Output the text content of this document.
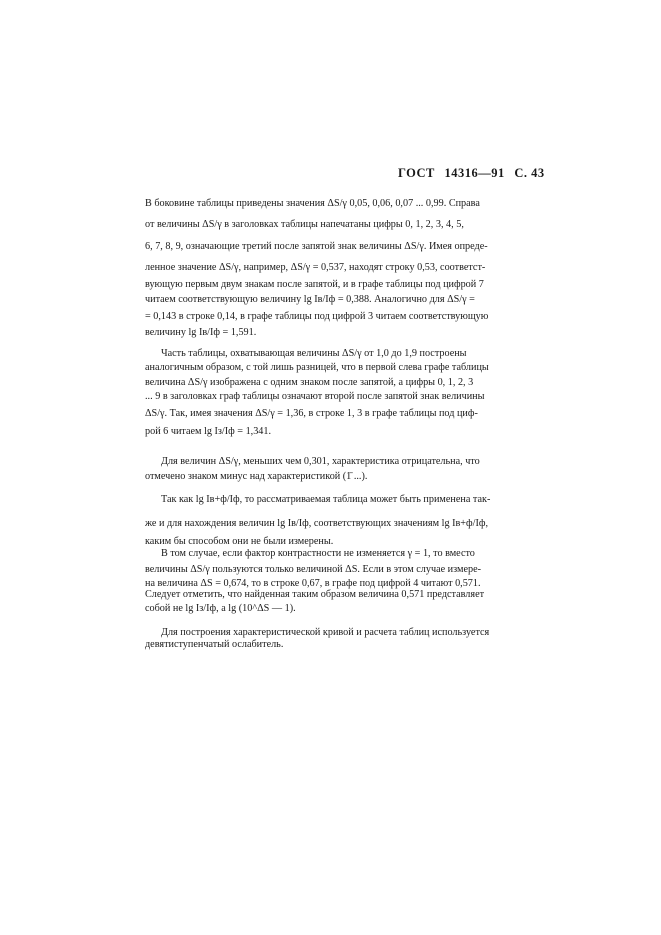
ГОСТ 14316—91 С. 43
В боковине таблицы приведены значения ΔS/γ 0,05, 0,06, 0,07 ... 0,99. Справа
от величины ΔS/γ в заголовках таблицы напечатаны цифры 0, 1, 2, 3, 4, 5,
6, 7, 8, 9, означающие третий после запятой знак величины ΔS/γ. Имея опреде-
ленное значение ΔS/γ, например, ΔS/γ = 0,537, находят строку 0,53, соответст-
вующую первым двум знакам после запятой, и в графе таблицы под цифрой 7
читаем соответствующую величину lg Iв/Iф = 0,388. Аналогично для ΔS/γ =
= 0,143 в строке 0,14, в графе таблицы под цифрой 3 читаем соответствующую
величину lg Iв/Iф = 1,591.
Часть таблицы, охватывающая величины ΔS/γ от 1,0 до 1,9 построены
аналогичным образом, с той лишь разницей, что в первой слева графе таблицы
величина ΔS/γ изображена с одним знаком после запятой, а цифры 0, 1, 2, 3
... 9 в заголовках граф таблицы означают второй после запятой знак величины
ΔS/γ. Так, имея значения ΔS/γ = 1,36, в строке 1, 3 в графе таблицы под циф-
рой 6 читаем lg Iз/Iф = 1,341.
Для величин ΔS/γ, меньших чем 0,301, характеристика отрицательна, что
отмечено знаком минус над характеристикой (1̄ ...).
Так как lg Iв+ф/Iф, то рассматриваемая таблица может быть применена так-
же и для нахождения величин lg Iв/Iф, соответствующих значениям lg Iв+ф/Iф,
каким бы способом они не были измерены.
В том случае, если фактор контрастности не изменяется γ = 1, то вместо
величины ΔS/γ пользуются только величиной ΔS. Если в этом случае измере-
на величина ΔS = 0,674, то в строке 0,67, в графе под цифрой 4 читают 0,571.
Следует отметить, что найденная таким образом величина 0,571 представляет
собой не lg Iз/Iф, a lg (10^ΔS — 1).
Для построения характеристической кривой и расчета таблиц используется
девятиступенчатый ослабитель.
